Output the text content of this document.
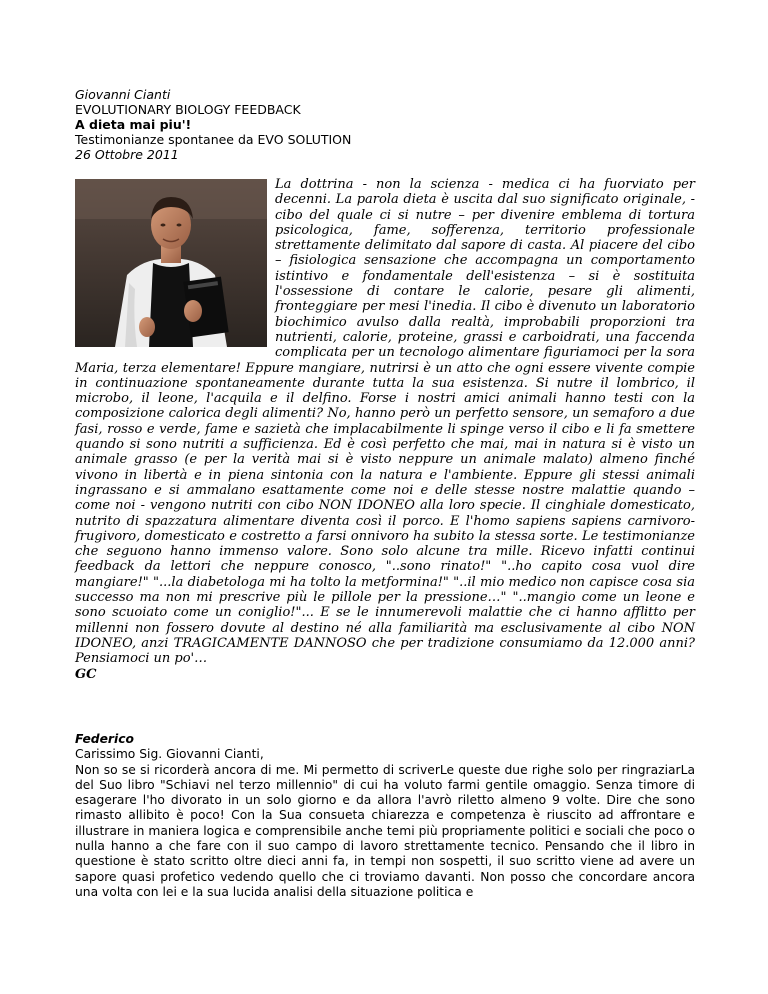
Giovanni Cianti
EVOLUTIONARY BIOLOGY FEEDBACK
A dieta mai piu'!
Testimonianze spontanee da EVO SOLUTION
26 Ottobre 2011
La dottrina - non la scienza - medica ci ha fuorviato per decenni. La parola dieta è uscita dal suo significato originale, - cibo del quale ci si nutre – per divenire emblema di tortura psicologica, fame, sofferenza, territorio professionale strettamente delimitato dal sapore di casta. Al piacere del cibo – fisiologica sensazione che accompagna un comportamento istintivo e fondamentale dell'esistenza – si è sostituita l'ossessione di contare le calorie, pesare gli alimenti, fronteggiare per mesi l'inedia. Il cibo è divenuto un laboratorio biochimico avulso dalla realtà, improbabili proporzioni tra nutrienti, calorie, proteine, grassi e carboidrati, una faccenda complicata per un tecnologo alimentare figuriamoci per la sora Maria, terza elementare! Eppure mangiare, nutrirsi è un atto che ogni essere vivente compie in continuazione spontaneamente durante tutta la sua esistenza. Si nutre il lombrico, il microbo, il leone, l'acquila e il delfino. Forse i nostri amici animali hanno testi con la composizione calorica degli alimenti? No, hanno però un perfetto sensore, un semaforo a due fasi, rosso e verde, fame e sazietà che implacabilmente li spinge verso il cibo e li fa smettere quando si sono nutriti a sufficienza. Ed è così perfetto che mai, mai in natura si è visto un animale grasso (e per la verità mai si è visto neppure un animale malato) almeno finché vivono in libertà e in piena sintonia con la natura e l'ambiente. Eppure gli stessi animali ingrassano e si ammalano esattamente come noi e delle stesse nostre malattie quando – come noi - vengono nutriti con cibo NON IDONEO alla loro specie. Il cinghiale domesticato, nutrito di spazzatura alimentare diventa così il porco. E l'homo sapiens sapiens carnivoro-frugivoro, domesticato e costretto a farsi onnivoro ha subito la stessa sorte. Le testimonianze che seguono hanno immenso valore. Sono solo alcune tra mille. Ricevo infatti continui feedback da lettori che neppure conosco, "..sono rinato!" "..ho capito cosa vuol dire mangiare!" "...la diabetologa mi ha tolto la metformina!" "..il mio medico non capisce cosa sia successo ma non mi prescrive più le pillole per la pressione…" "..mangio come un leone e sono scuoiato come un coniglio!"... E se le innumerevoli malattie che ci hanno afflitto per millenni non fossero dovute al destino né alla familiarità ma esclusivamente al cibo NON IDONEO, anzi TRAGICAMENTE DANNOSO che per tradizione consumiamo da 12.000 anni? Pensiamoci un po'…
GC
Federico

Carissimo Sig. Giovanni Cianti,

Non so se si ricorderà ancora di me. Mi permetto di scriverLe queste due righe solo per ringraziarLa del Suo libro "Schiavi nel terzo millennio" di cui ha voluto farmi gentile omaggio. Senza timore di esagerare l'ho divorato in un solo giorno e da allora l'avrò riletto almeno 9 volte. Dire che sono rimasto allibito è poco! Con la Sua consueta chiarezza e competenza è riuscito ad affrontare e illustrare in maniera logica e comprensibile anche temi più propriamente politici e sociali che poco o nulla hanno a che fare con il suo campo di lavoro strettamente tecnico. Pensando che il libro in questione è stato scritto oltre dieci anni fa, in tempi non sospetti, il suo scritto viene ad avere un sapore quasi profetico vedendo quello che ci troviamo davanti. Non posso che concordare ancora una volta con lei e la sua lucida analisi della situazione politica e
